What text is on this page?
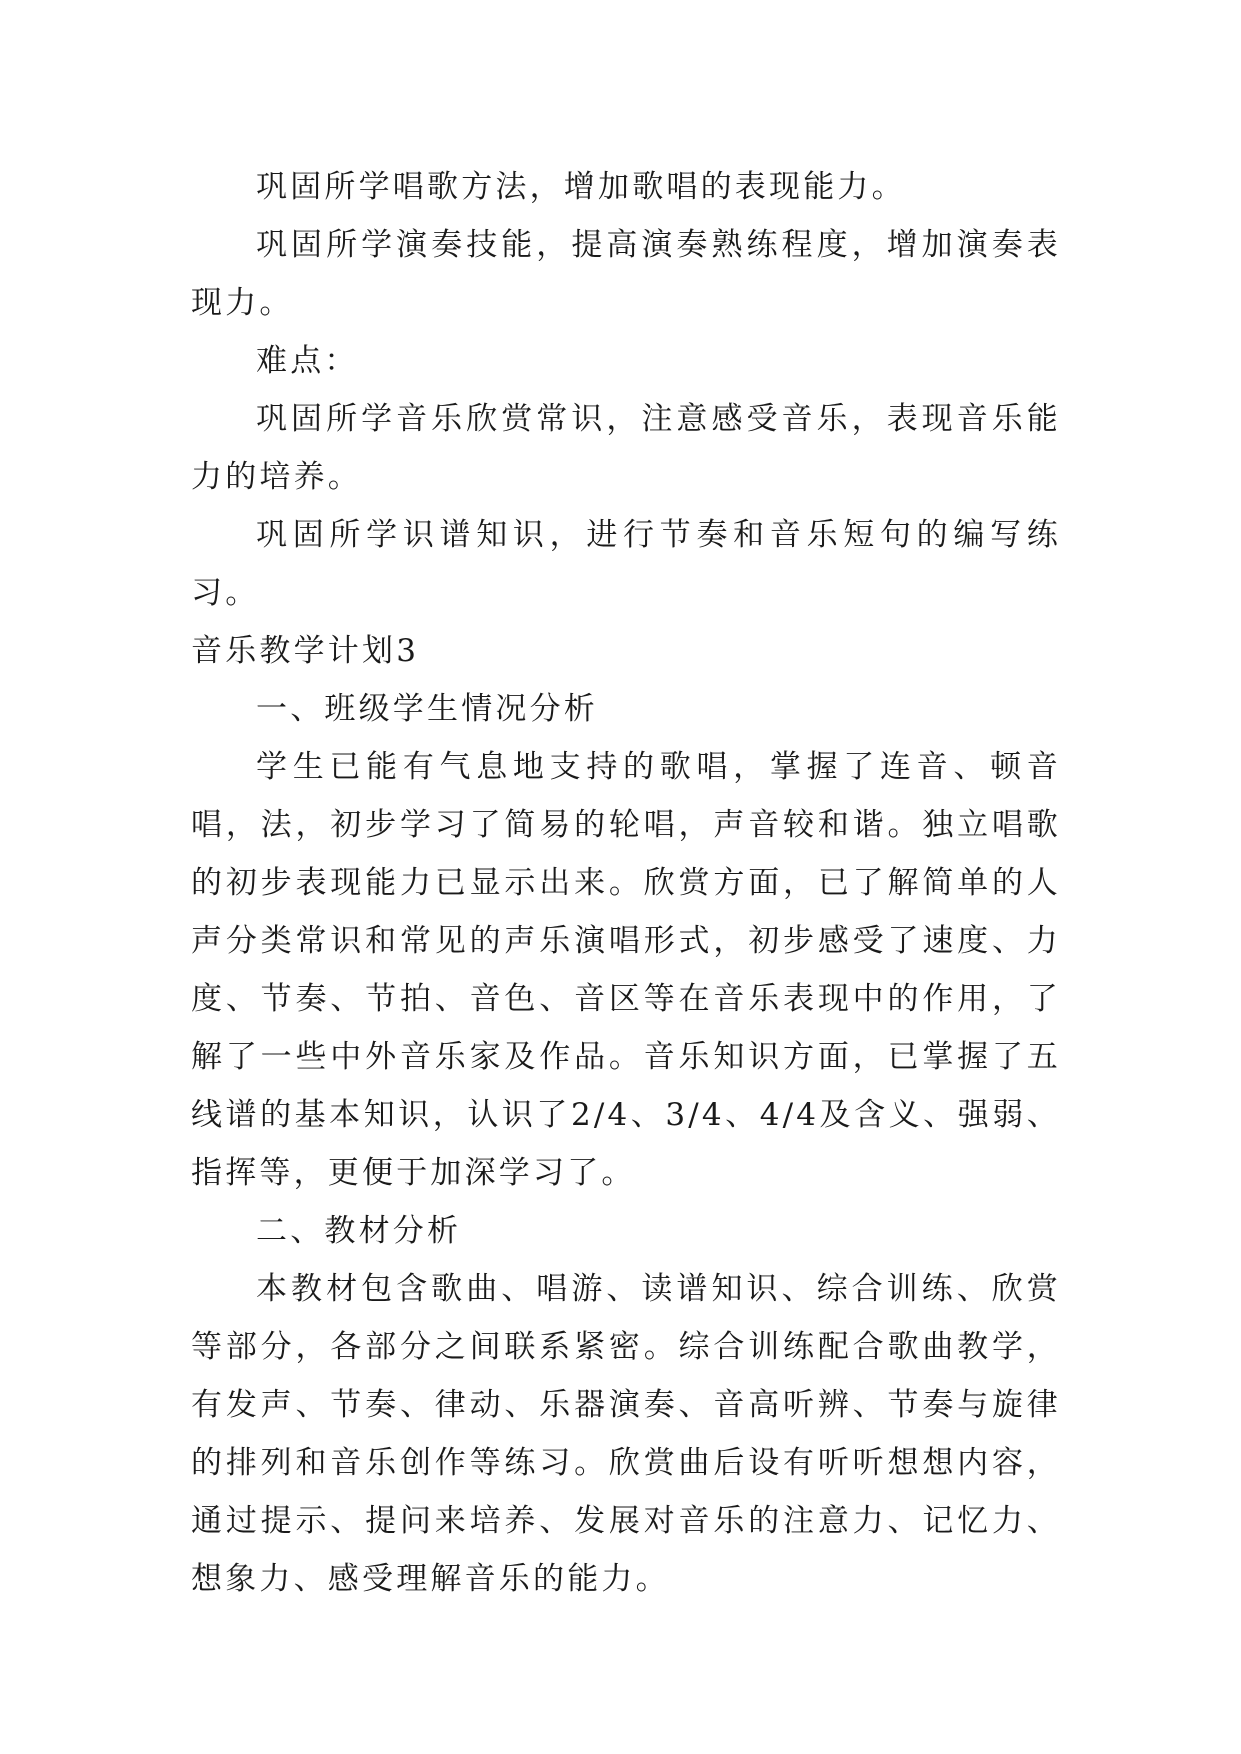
巩固所学唱歌方法，增加歌唱的表现能力。

巩固所学演奏技能，提高演奏熟练程度，增加演奏表现力。

难点：

巩固所学音乐欣赏常识，注意感受音乐，表现音乐能力的培养。

巩固所学识谱知识，进行节奏和音乐短句的编写练习。

音乐教学计划3

一、班级学生情况分析

学生已能有气息地支持的歌唱，掌握了连音、顿音唱，法，初步学习了简易的轮唱，声音较和谐。独立唱歌的初步表现能力已显示出来。欣赏方面，已了解简单的人声分类常识和常见的声乐演唱形式，初步感受了速度、力度、节奏、节拍、音色、音区等在音乐表现中的作用，了解了一些中外音乐家及作品。音乐知识方面，已掌握了五线谱的基本知识，认识了2/4、3/4、4/4及含义、强弱、指挥等，更便于加深学习了。

二、教材分析

本教材包含歌曲、唱游、读谱知识、综合训练、欣赏等部分，各部分之间联系紧密。综合训练配合歌曲教学，有发声、节奏、律动、乐器演奏、音高听辨、节奏与旋律的排列和音乐创作等练习。欣赏曲后设有听听想想内容，通过提示、提问来培养、发展对音乐的注意力、记忆力、想象力、感受理解音乐的能力。
